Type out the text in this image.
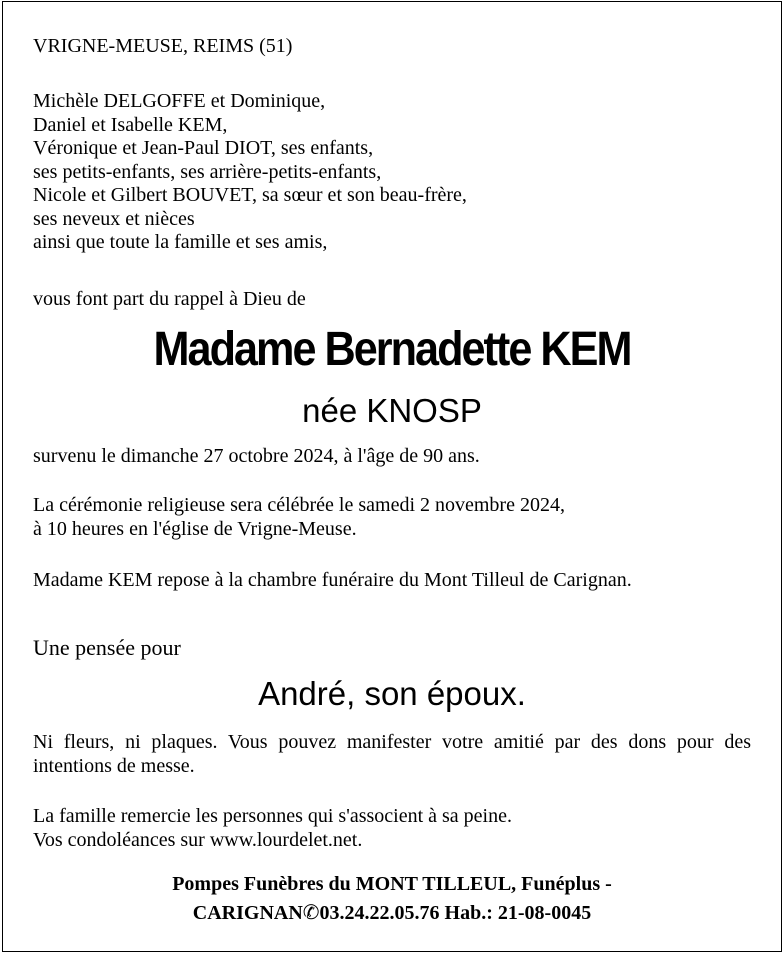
VRIGNE-MEUSE, REIMS (51)

Michèle DELGOFFE et Dominique,
Daniel et Isabelle KEM,
Véronique et Jean-Paul DIOT, ses enfants,
ses petits-enfants, ses arrière-petits-enfants,
Nicole et Gilbert BOUVET, sa sœur et son beau-frère,
ses neveux et nièces
ainsi que toute la famille et ses amis,

vous font part du rappel à Dieu de

Madame Bernadette KEM

née KNOSP

survenu le dimanche 27 octobre 2024, à l'âge de 90 ans.

La cérémonie religieuse sera célébrée le samedi 2 novembre 2024,
à 10 heures en l'église de Vrigne-Meuse.

Madame KEM repose à la chambre funéraire du Mont Tilleul de Carignan.

Une pensée pour

André, son époux.

Ni fleurs, ni plaques. Vous pouvez manifester votre amitié par des dons pour des intentions de messe.

La famille remercie les personnes qui s'associent à sa peine.
Vos condoléances sur www.lourdelet.net.
Pompes Funèbres du MONT TILLEUL, Funéplus -
CARIGNAN✆03.24.22.05.76 Hab.: 21-08-0045
